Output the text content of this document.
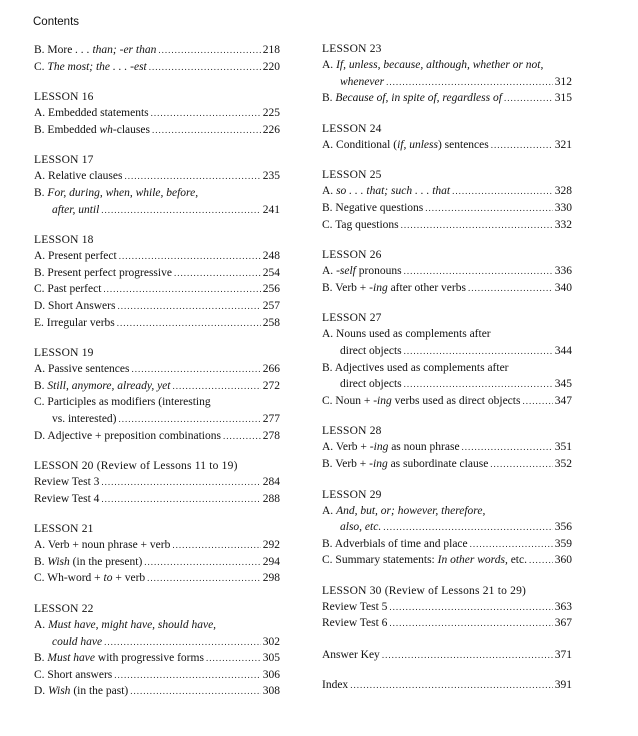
Contents
B. More . . . than; -er than .....	218
C. The most; the . . . -est .....	220
LESSON 16
A. Embedded statements .....	225
B. Embedded wh-clauses .....	226
LESSON 17
A. Relative clauses .....	235
B. For, during, when, while, before,
after, until .....	241
LESSON 18
A. Present perfect .....	248
B. Present perfect progressive .....	254
C. Past perfect .....	256
D. Short Answers .....	257
E. Irregular verbs .....	258
LESSON 19
A. Passive sentences .....	266
B. Still, anymore, already, yet .....	272
C. Participles as modifiers (interesting
vs. interested) .....	277
D. Adjective + preposition combinations .....	278
LESSON 20 (Review of Lessons 11 to 19)
Review Test 3 .....	284
Review Test 4 .....	288
LESSON 21
A. Verb + noun phrase + verb .....	292
B. Wish (in the present) .....	294
C. Wh-word + to + verb .....	298
LESSON 22
A. Must have, might have, should have,
could have .....	302
B. Must have with progressive forms .....	305
C. Short answers .....	306
D. Wish (in the past) .....	308
LESSON 23
A. If, unless, because, although, whether or not,
whenever .....	312
B. Because of, in spite of, regardless of .....	315
LESSON 24
A. Conditional (if, unless) sentences .....	321
LESSON 25
A. so . . . that; such . . . that .....	328
B. Negative questions .....	330
C. Tag questions .....	332
LESSON 26
A. -self pronouns .....	336
B. Verb + -ing after other verbs .....	340
LESSON 27
A. Nouns used as complements after
direct objects .....	344
B. Adjectives used as complements after
direct objects .....	345
C. Noun + -ing verbs used as direct objects .....	347
LESSON 28
A. Verb + -ing as noun phrase .....	351
B. Verb + -ing as subordinate clause .....	352
LESSON 29
A. And, but, or; however, therefore,
also, etc. .....	356
B. Adverbials of time and place .....	359
C. Summary statements: In other words, etc. ..... 360
LESSON 30 (Review of Lessons 21 to 29)
Review Test 5 .....	363
Review Test 6 .....	367
Answer Key .....	371
Index .....	391
